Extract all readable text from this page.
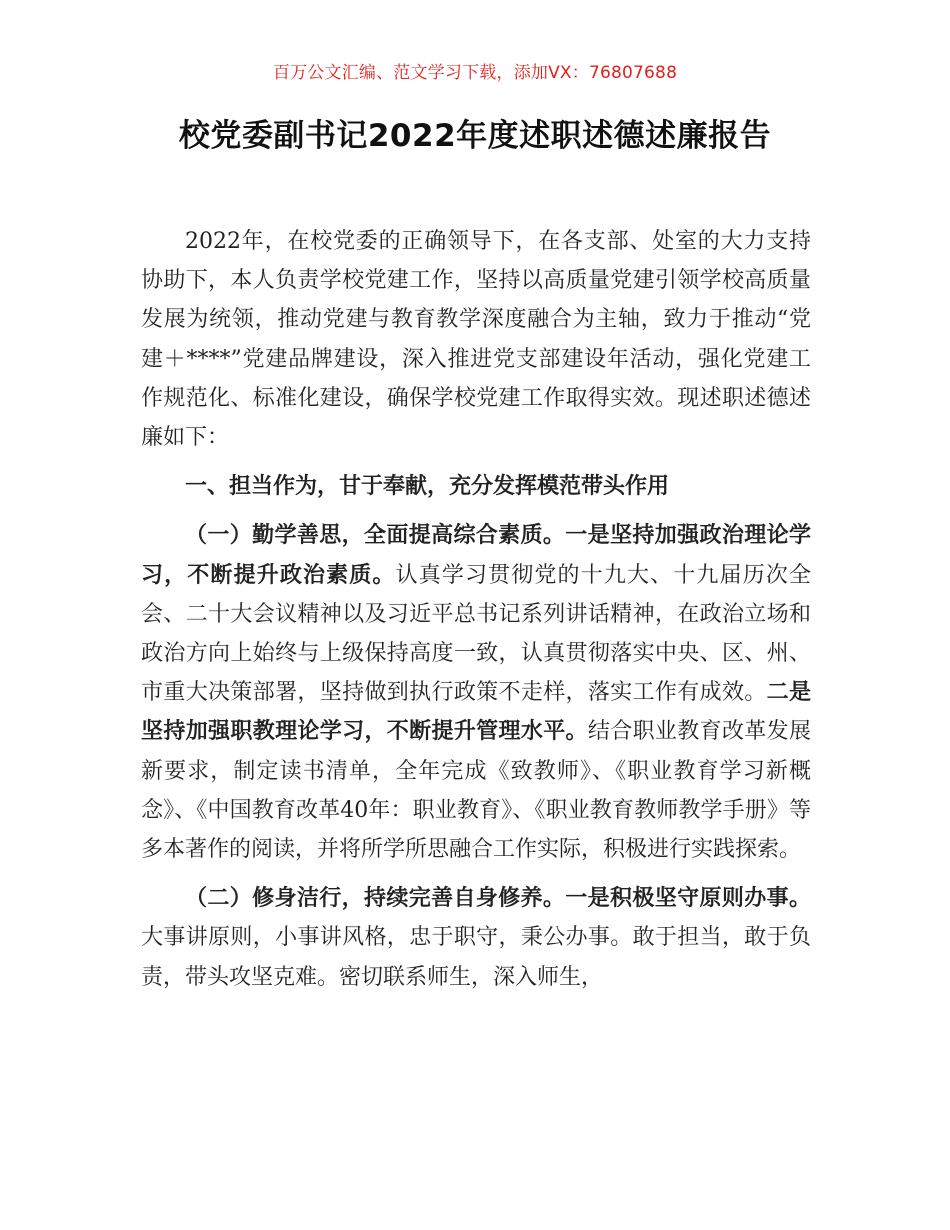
百万公文汇编、范文学习下载，添加VX：76807688
校党委副书记2022年度述职述德述廉报告

2022年，在校党委的正确领导下，在各支部、处室的大力支持协助下，本人负责学校党建工作，坚持以高质量党建引领学校高质量发展为统领，推动党建与教育教学深度融合为主轴，致力于推动“党建＋****”党建品牌建设，深入推进党支部建设年活动，强化党建工作规范化、标准化建设，确保学校党建工作取得实效。现述职述德述廉如下：

一、担当作为，甘于奉献，充分发挥模范带头作用

（一）勤学善思，全面提高综合素质。一是坚持加强政治理论学习，不断提升政治素质。认真学习贯彻党的十九大、十九届历次全会、二十大会议精神以及习近平总书记系列讲话精神，在政治立场和政治方向上始终与上级保持高度一致，认真贯彻落实中央、区、州、市重大决策部署，坚持做到执行政策不走样，落实工作有成效。二是坚持加强职教理论学习，不断提升管理水平。结合职业教育改革发展新要求，制定读书清单，全年完成《致教师》、《职业教育学习新概念》、《中国教育改革40年：职业教育》、《职业教育教师教学手册》等多本著作的阅读，并将所学所思融合工作实际，积极进行实践探索。

（二）修身洁行，持续完善自身修养。一是积极坚守原则办事。大事讲原则，小事讲风格，忠于职守，秉公办事。敢于担当，敢于负责，带头攻坚克难。密切联系师生，深入师生，
